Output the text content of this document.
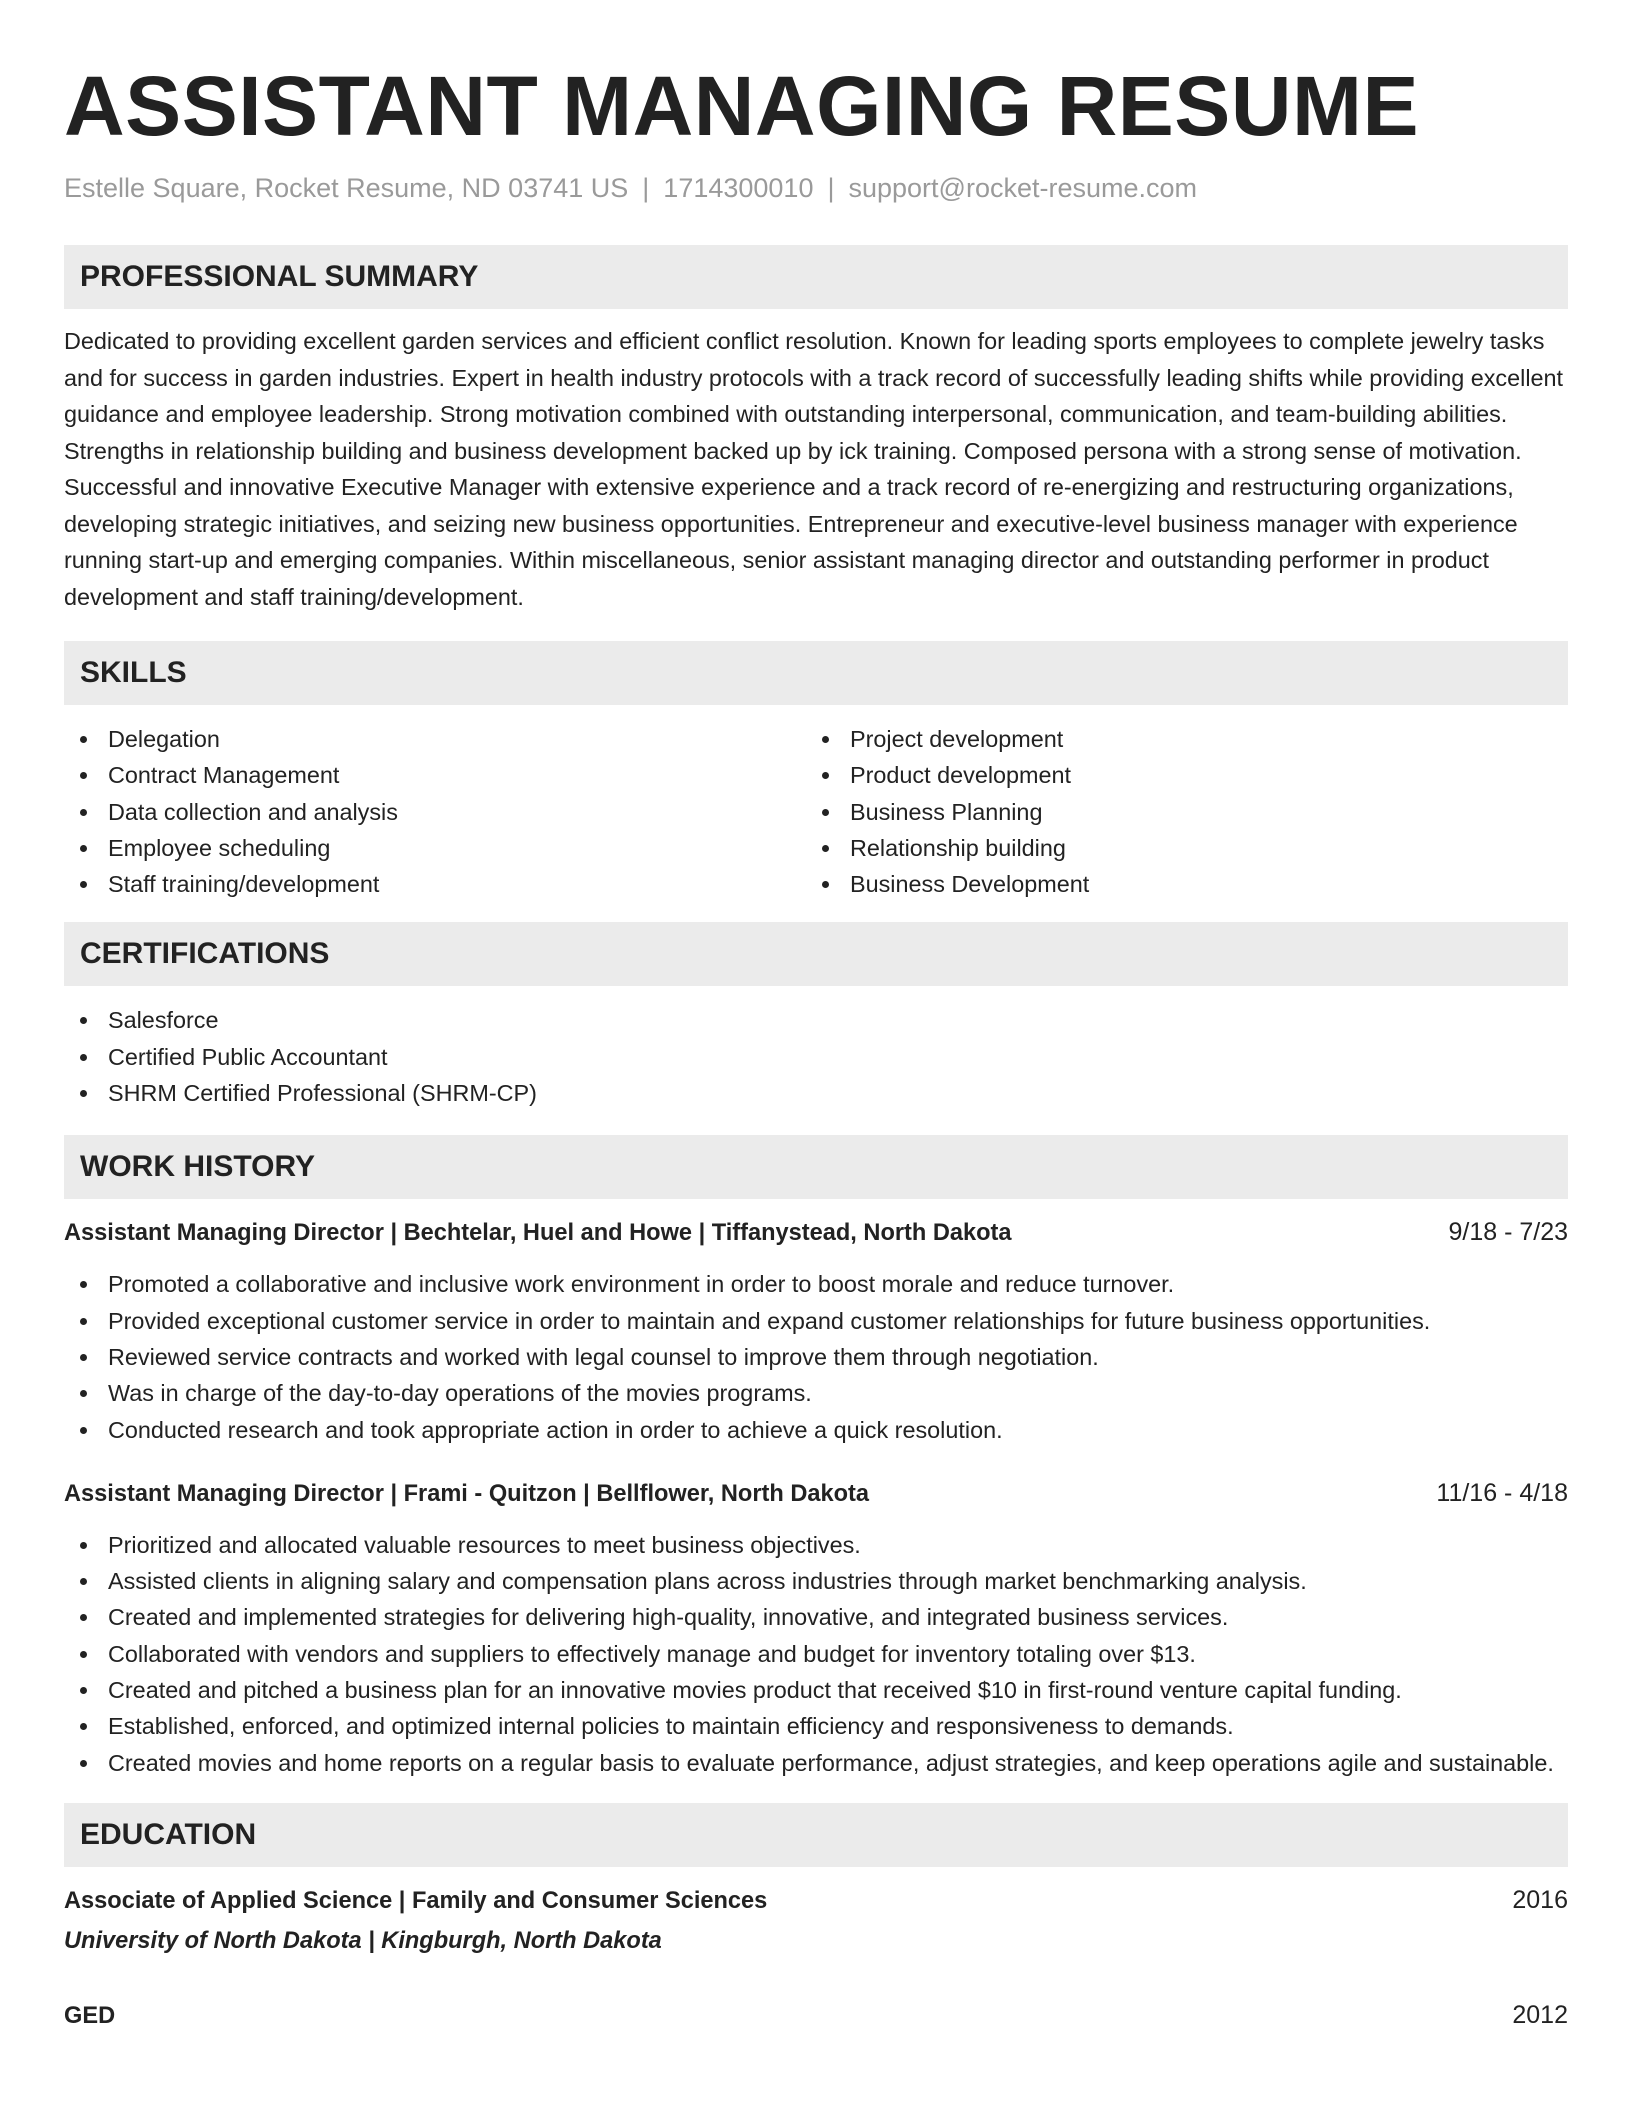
ASSISTANT MANAGING RESUME
Estelle Square, Rocket Resume, ND 03741 US | 1714300010 | support@rocket-resume.com
PROFESSIONAL SUMMARY

Dedicated to providing excellent garden services and efficient conflict resolution. Known for leading sports employees to complete jewelry tasks and for success in garden industries. Expert in health industry protocols with a track record of successfully leading shifts while providing excellent guidance and employee leadership. Strong motivation combined with outstanding interpersonal, communication, and team-building abilities. Strengths in relationship building and business development backed up by ick training. Composed persona with a strong sense of motivation. Successful and innovative Executive Manager with extensive experience and a track record of re-energizing and restructuring organizations, developing strategic initiatives, and seizing new business opportunities. Entrepreneur and executive-level business manager with experience running start-up and emerging companies. Within miscellaneous, senior assistant managing director and outstanding performer in product development and staff training/development.

SKILLS
Delegation
Contract Management
Data collection and analysis
Employee scheduling
Staff training/development
Project development
Product development
Business Planning
Relationship building
Business Development
CERTIFICATIONS
Salesforce
Certified Public Accountant
SHRM Certified Professional (SHRM-CP)
WORK HISTORY
Assistant Managing Director | Bechtelar, Huel and Howe | Tiffanystead, North Dakota	9/18 - 7/23
Promoted a collaborative and inclusive work environment in order to boost morale and reduce turnover.
Provided exceptional customer service in order to maintain and expand customer relationships for future business opportunities.
Reviewed service contracts and worked with legal counsel to improve them through negotiation.
Was in charge of the day-to-day operations of the movies programs.
Conducted research and took appropriate action in order to achieve a quick resolution.
Assistant Managing Director | Frami - Quitzon | Bellflower, North Dakota	11/16 - 4/18
Prioritized and allocated valuable resources to meet business objectives.
Assisted clients in aligning salary and compensation plans across industries through market benchmarking analysis.
Created and implemented strategies for delivering high-quality, innovative, and integrated business services.
Collaborated with vendors and suppliers to effectively manage and budget for inventory totaling over $13.
Created and pitched a business plan for an innovative movies product that received $10 in first-round venture capital funding.
Established, enforced, and optimized internal policies to maintain efficiency and responsiveness to demands.
Created movies and home reports on a regular basis to evaluate performance, adjust strategies, and keep operations agile and sustainable.
EDUCATION
Associate of Applied Science | Family and Consumer Sciences	2016
University of North Dakota | Kingburgh, North Dakota
GED	2012
